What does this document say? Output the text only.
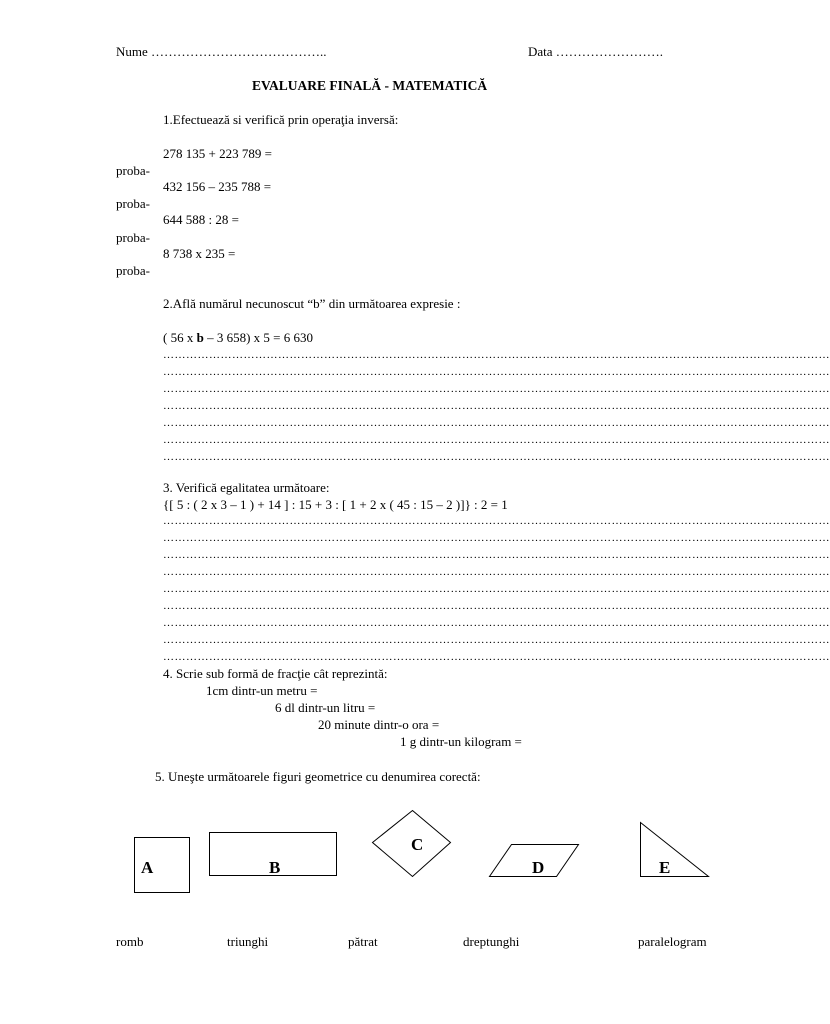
Nume …………………………………..	Data …………………….
EVALUARE FINALĂ - MATEMATICĂ
1.Efectuează si verifică prin operaţia inversă:
278 135 + 223 789 =
proba-
432 156 – 235 788 =
proba-
644 588 : 28 =
proba-
8 738 x 235 =
proba-
2.Află numărul necunoscut “b” din următoarea expresie :
( 56 x b – 3 658) x 5 = 6 630
…………………………………………………………………………………………………………………………………………………………
…………………………………………………………………………………………………………………………………………………………
…………………………………………………………………………………………………………………………………………………………
…………………………………………………………………………………………………………………………………………………………
…………………………………………………………………………………………………………………………………………………………
…………………………………………………………………………………………………………………………………………………………
…………………………………………………………………………………………………………………………………………………………
3. Verifică egalitatea următoare:
{[ 5 : ( 2 x 3 – 1 ) + 14 ] : 15 + 3 : [ 1 + 2 x ( 45 : 15 – 2 )]} : 2 = 1
…………………………………………………………………………………………………………………………………………………………
…………………………………………………………………………………………………………………………………………………………
…………………………………………………………………………………………………………………………………………………………
…………………………………………………………………………………………………………………………………………………………
…………………………………………………………………………………………………………………………………………………………
…………………………………………………………………………………………………………………………………………………………
…………………………………………………………………………………………………………………………………………………………
…………………………………………………………………………………………………………………………………………………………
…………………………………………………………………………………………………………………………………………………………
4. Scrie sub formă de fracţie cât reprezintă:
1cm dintr-un metru =
6 dl dintr-un litru =
20 minute dintr-o ora =
1 g dintr-un kilogram =
5. Uneşte următoarele figuri geometrice cu denumirea corectă:
A	B
C
D	E
romb	triunghi	pătrat	dreptunghi	paralelogram
